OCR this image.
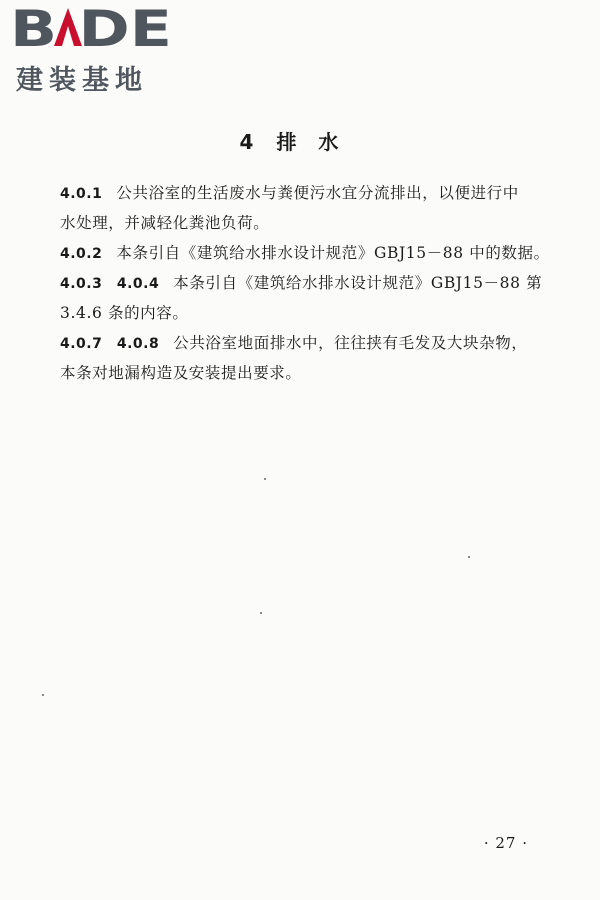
B DE
建装基地
4 排水
4.0.1 公共浴室的生活废水与粪便污水宜分流排出，以便进行中
水处理，并减轻化粪池负荷。
4.0.2 本条引自《建筑给水排水设计规范》GBJ15－88 中的数据。
4.0.3　4.0.4 本条引自《建筑给水排水设计规范》GBJ15－88 第
3.4.6 条的内容。
4.0.7　4.0.8 公共浴室地面排水中，往往挟有毛发及大块杂物，
本条对地漏构造及安装提出要求。
· 27 ·
